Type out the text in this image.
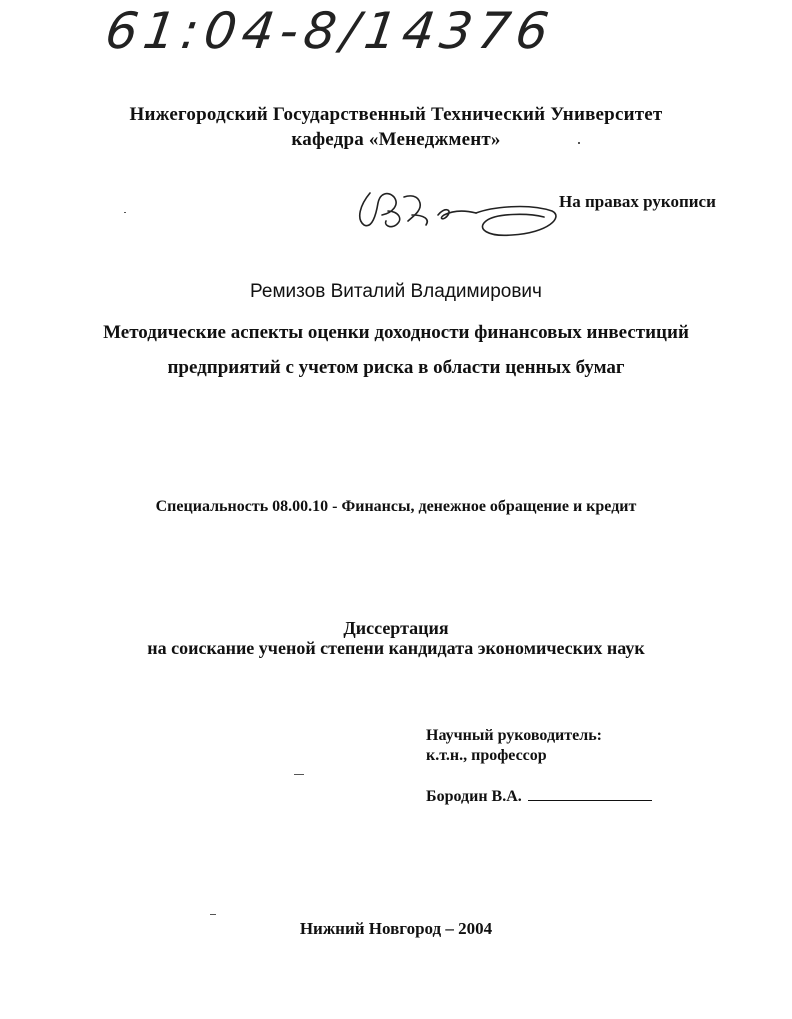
61:04-8/14376
Нижегородский Государственный Технический Университет
кафедра «Менеджмент»
На правах рукописи
Ремизов Виталий Владимирович
Методические аспекты оценки доходности финансовых инвестиций
предприятий с учетом риска в области ценных бумаг
Специальность 08.00.10 - Финансы, денежное обращение и кредит
Диссертация
на соискание ученой степени кандидата экономических наук
Научный руководитель:
к.т.н., профессор
Бородин В.А.
Нижний Новгород – 2004
